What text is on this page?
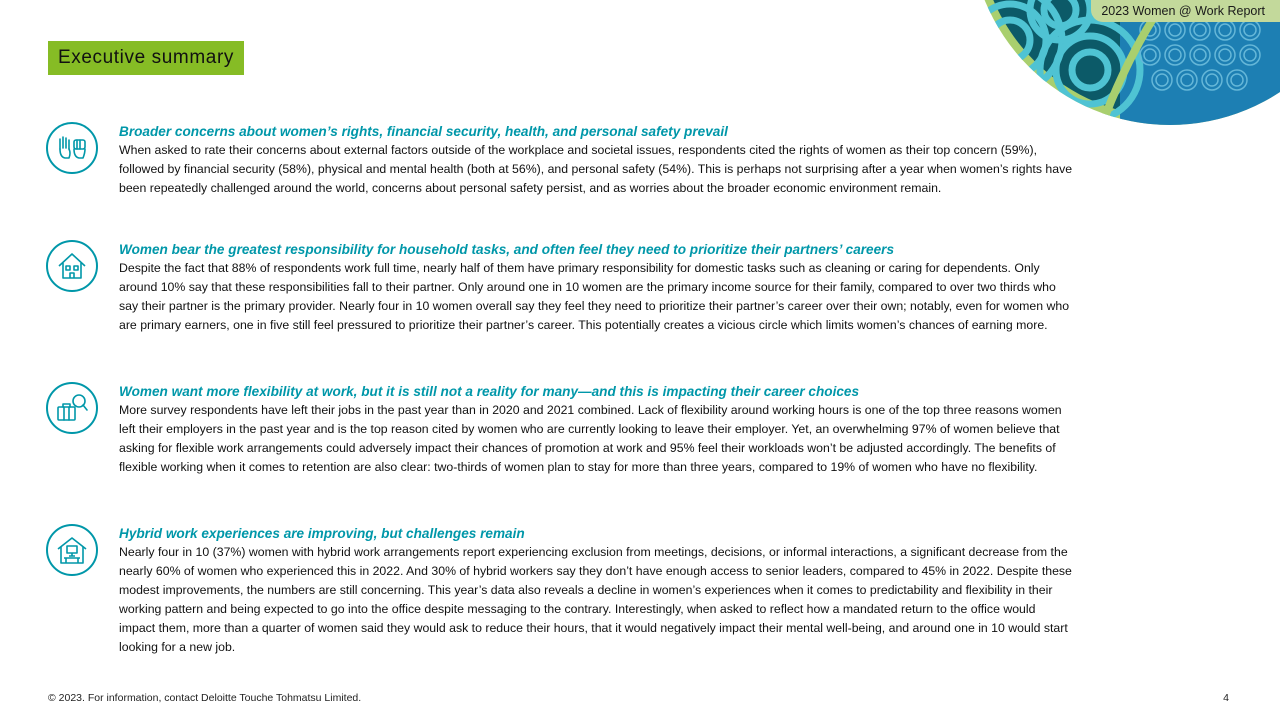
2023 Women @ Work Report
Executive summary
Broader concerns about women’s rights, financial security, health, and personal safety prevail
When asked to rate their concerns about external factors outside of the workplace and societal issues, respondents cited the rights of women as their top concern (59%), followed by financial security (58%), physical and mental health (both at 56%), and personal safety (54%). This is perhaps not surprising after a year when women’s rights have been repeatedly challenged around the world, concerns about personal safety persist, and as worries about the broader economic environment remain.
Women bear the greatest responsibility for household tasks, and often feel they need to prioritize their partners’ careers
Despite the fact that 88% of respondents work full time, nearly half of them have primary responsibility for domestic tasks such as cleaning or caring for dependents. Only around 10% say that these responsibilities fall to their partner. Only around one in 10 women are the primary income source for their family, compared to over two thirds who say their partner is the primary provider. Nearly four in 10 women overall say they feel they need to prioritize their partner’s career over their own; notably, even for women who are primary earners, one in five still feel pressured to prioritize their partner’s career. This potentially creates a vicious circle which limits women’s chances of earning more.
Women want more flexibility at work, but it is still not a reality for many—and this is impacting their career choices
More survey respondents have left their jobs in the past year than in 2020 and 2021 combined. Lack of flexibility around working hours is one of the top three reasons women left their employers in the past year and is the top reason cited by women who are currently looking to leave their employer. Yet, an overwhelming 97% of women believe that asking for flexible work arrangements could adversely impact their chances of promotion at work and 95% feel their workloads won’t be adjusted accordingly. The benefits of flexible working when it comes to retention are also clear: two-thirds of women plan to stay for more than three years, compared to 19% of women who have no flexibility.
Hybrid work experiences are improving, but challenges remain
Nearly four in 10 (37%) women with hybrid work arrangements report experiencing exclusion from meetings, decisions, or informal interactions, a significant decrease from the nearly 60% of women who experienced this in 2022. And 30% of hybrid workers say they don’t have enough access to senior leaders, compared to 45% in 2022. Despite these modest improvements, the numbers are still concerning. This year’s data also reveals a decline in women’s experiences when it comes to predictability and flexibility in their working pattern and being expected to go into the office despite messaging to the contrary. Interestingly, when asked to reflect how a mandated return to the office would impact them, more than a quarter of women said they would ask to reduce their hours, that it would negatively impact their mental well-being, and around one in 10 would start looking for a new job.
© 2023. For information, contact Deloitte Touche Tohmatsu Limited.	4
